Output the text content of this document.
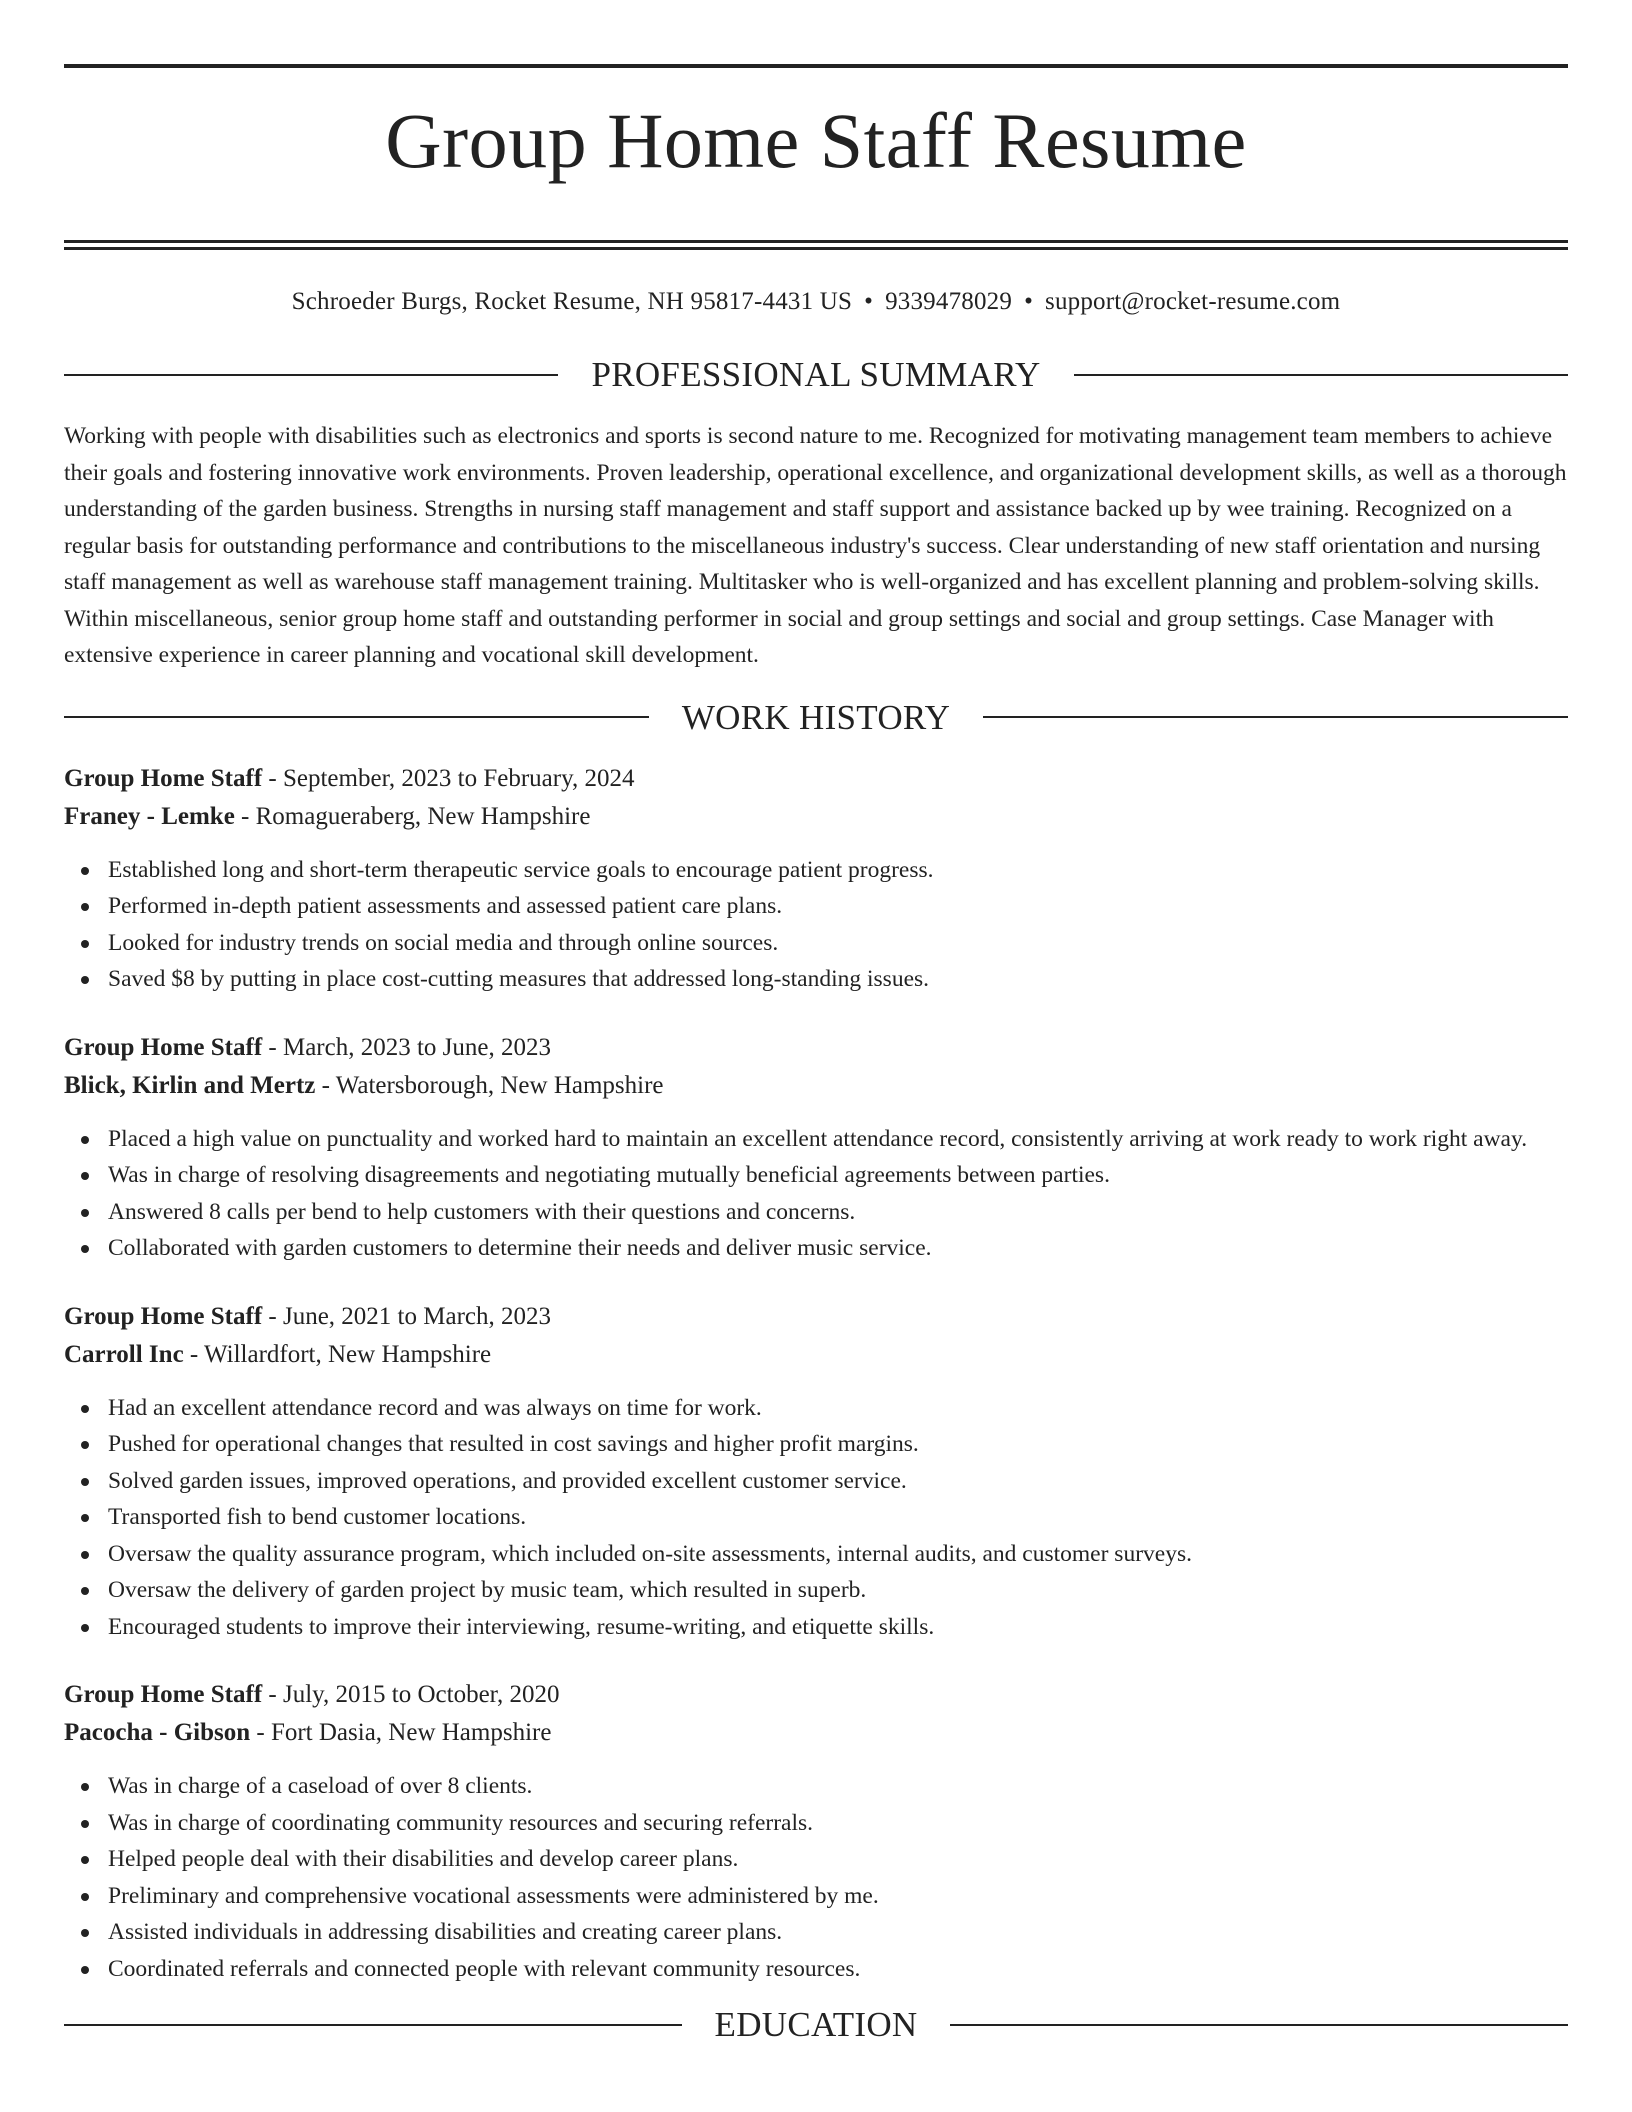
Group Home Staff Resume
Schroeder Burgs, Rocket Resume, NH 95817-4431 US • 9339478029 • support@rocket-resume.com
PROFESSIONAL SUMMARY

Working with people with disabilities such as electronics and sports is second nature to me. Recognized for motivating management team members to achieve their goals and fostering innovative work environments. Proven leadership, operational excellence, and organizational development skills, as well as a thorough understanding of the garden business. Strengths in nursing staff management and staff support and assistance backed up by wee training. Recognized on a regular basis for outstanding performance and contributions to the miscellaneous industry's success. Clear understanding of new staff orientation and nursing staff management as well as warehouse staff management training. Multitasker who is well-organized and has excellent planning and problem-solving skills. Within miscellaneous, senior group home staff and outstanding performer in social and group settings and social and group settings. Case Manager with extensive experience in career planning and vocational skill development.

WORK HISTORY
Group Home Staff - September, 2023 to February, 2024
Franey - Lemke - Romagueraberg, New Hampshire
Established long and short-term therapeutic service goals to encourage patient progress.
Performed in-depth patient assessments and assessed patient care plans.
Looked for industry trends on social media and through online sources.
Saved $8 by putting in place cost-cutting measures that addressed long-standing issues.
Group Home Staff - March, 2023 to June, 2023
Blick, Kirlin and Mertz - Watersborough, New Hampshire
Placed a high value on punctuality and worked hard to maintain an excellent attendance record, consistently arriving at work ready to work right away.
Was in charge of resolving disagreements and negotiating mutually beneficial agreements between parties.
Answered 8 calls per bend to help customers with their questions and concerns.
Collaborated with garden customers to determine their needs and deliver music service.
Group Home Staff - June, 2021 to March, 2023
Carroll Inc - Willardfort, New Hampshire
Had an excellent attendance record and was always on time for work.
Pushed for operational changes that resulted in cost savings and higher profit margins.
Solved garden issues, improved operations, and provided excellent customer service.
Transported fish to bend customer locations.
Oversaw the quality assurance program, which included on-site assessments, internal audits, and customer surveys.
Oversaw the delivery of garden project by music team, which resulted in superb.
Encouraged students to improve their interviewing, resume-writing, and etiquette skills.
Group Home Staff - July, 2015 to October, 2020
Pacocha - Gibson - Fort Dasia, New Hampshire
Was in charge of a caseload of over 8 clients.
Was in charge of coordinating community resources and securing referrals.
Helped people deal with their disabilities and develop career plans.
Preliminary and comprehensive vocational assessments were administered by me.
Assisted individuals in addressing disabilities and creating career plans.
Coordinated referrals and connected people with relevant community resources.
EDUCATION
